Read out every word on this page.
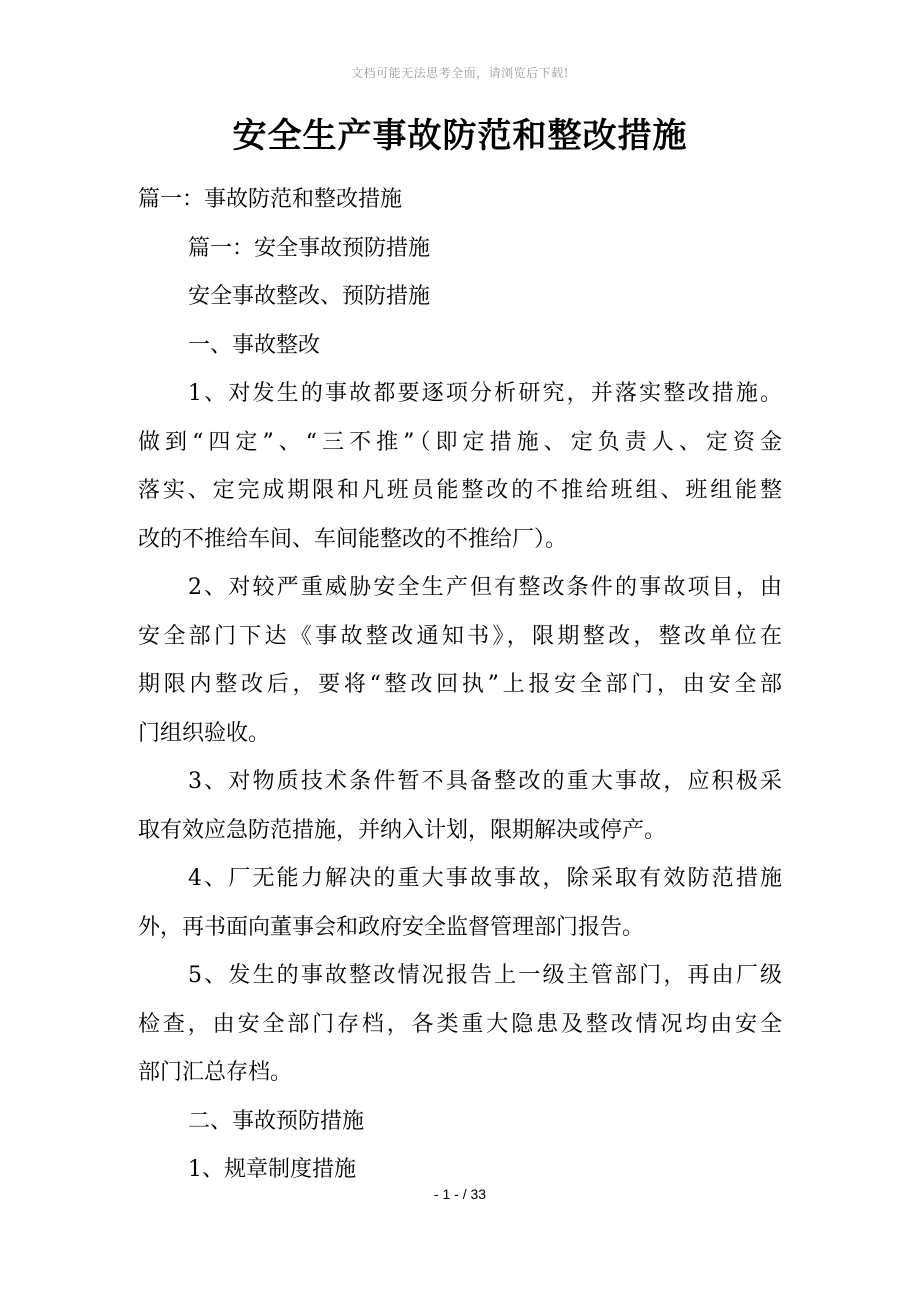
文档可能无法思考全面，请浏览后下载!
安全生产事故防范和整改措施
篇一：事故防范和整改措施
篇一：安全事故预防措施
安全事故整改、预防措施
一、事故整改
1、对发生的事故都要逐项分析研究，并落实整改措施。
做到“四定”、“三不推”（即定措施、定负责人、定资金
落实、定完成期限和凡班员能整改的不推给班组、班组能整
改的不推给车间、车间能整改的不推给厂）。
2、对较严重威胁安全生产但有整改条件的事故项目，由
安全部门下达《事故整改通知书》，限期整改，整改单位在
期限内整改后，要将“整改回执”上报安全部门，由安全部
门组织验收。
3、对物质技术条件暂不具备整改的重大事故，应积极采
取有效应急防范措施，并纳入计划，限期解决或停产。
4、厂无能力解决的重大事故事故，除采取有效防范措施
外，再书面向董事会和政府安全监督管理部门报告。
5、发生的事故整改情况报告上一级主管部门，再由厂级
检查，由安全部门存档，各类重大隐患及整改情况均由安全
部门汇总存档。
二、事故预防措施
1、规章制度措施
- 1 - / 33
